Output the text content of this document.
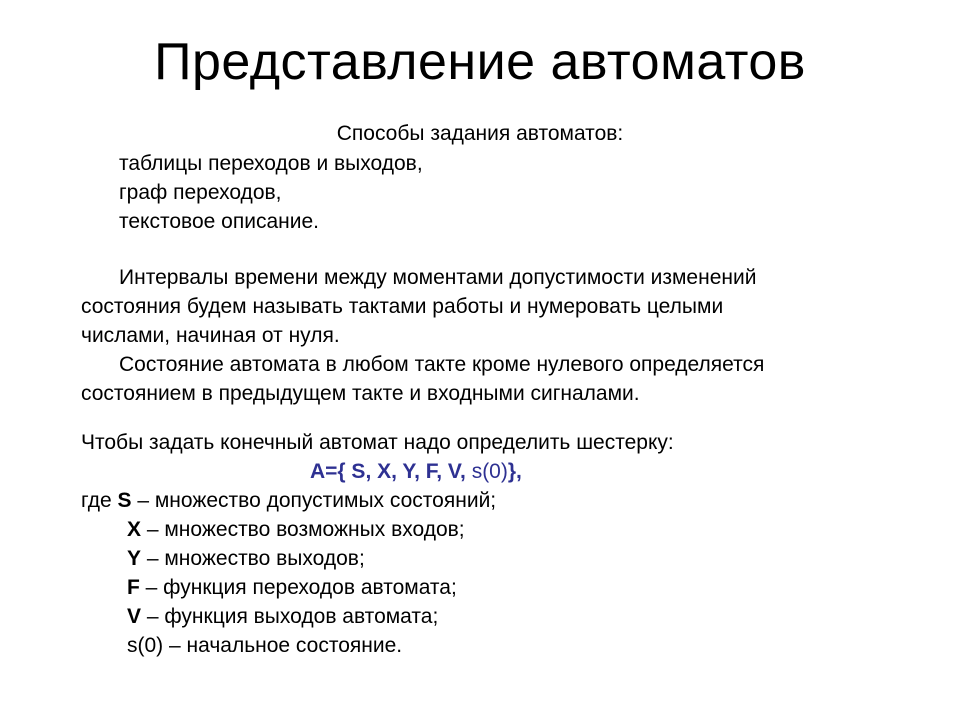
Представление автоматов
Способы задания автоматов:
таблицы переходов и выходов,
граф переходов,
текстовое описание.
Интервалы времени между моментами допустимости изменений
состояния будем называть тактами работы и нумеровать целыми
числами, начиная от нуля.
Состояние автомата в любом такте кроме нулевого определяется
состоянием в предыдущем такте и входными сигналами.
Чтобы задать конечный автомат надо определить шестерку:
A={ S, X, Y, F, V, s(0)},
где S – множество допустимых состояний;
X – множество возможных входов;
Y – множество выходов;
F – функция переходов автомата;
V – функция выходов автомата;
s(0) – начальное состояние.
